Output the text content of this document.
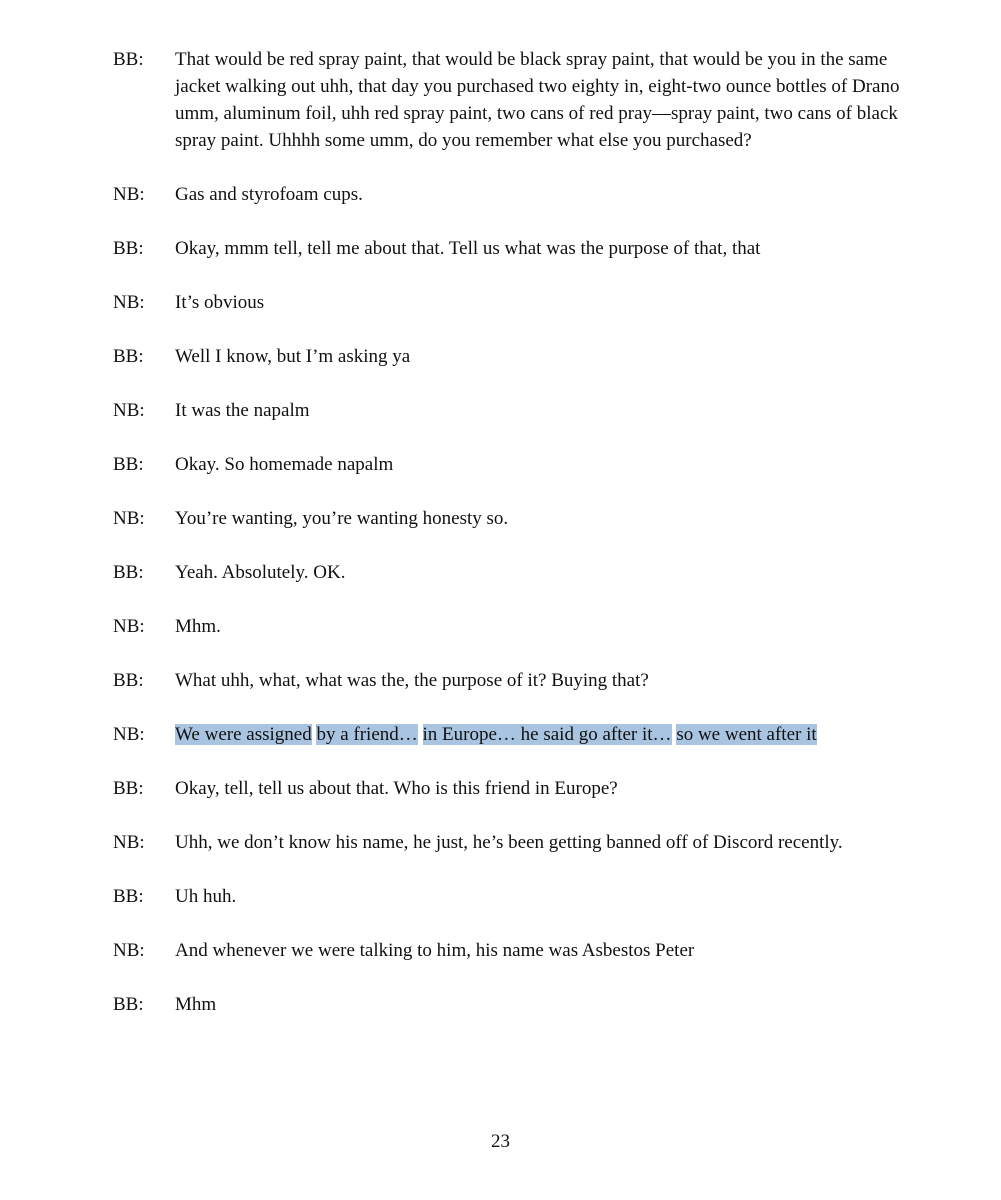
BB:	That would be red spray paint, that would be black spray paint, that would be you in the same jacket walking out uhh, that day you purchased two eighty in, eight-two ounce bottles of Drano umm, aluminum foil, uhh red spray paint, two cans of red pray—spray paint, two cans of black spray paint. Uhhhh some umm, do you remember what else you purchased?
NB:	Gas and styrofoam cups.
BB:	Okay, mmm tell, tell me about that. Tell us what was the purpose of that, that
NB:	It’s obvious
BB:	Well I know, but I’m asking ya
NB:	It was the napalm
BB:	Okay. So homemade napalm
NB:	You’re wanting, you’re wanting honesty so.
BB:	Yeah. Absolutely. OK.
NB:	Mhm.
BB:	What uhh, what, what was the, the purpose of it? Buying that?
NB:	We were assigned by a friend… in Europe… he said go after it… so we went after it
BB:	Okay, tell, tell us about that. Who is this friend in Europe?
NB:	Uhh, we don’t know his name, he just, he’s been getting banned off of Discord recently.
BB:	Uh huh.
NB:	And whenever we were talking to him, his name was Asbestos Peter
BB:	Mhm
23
